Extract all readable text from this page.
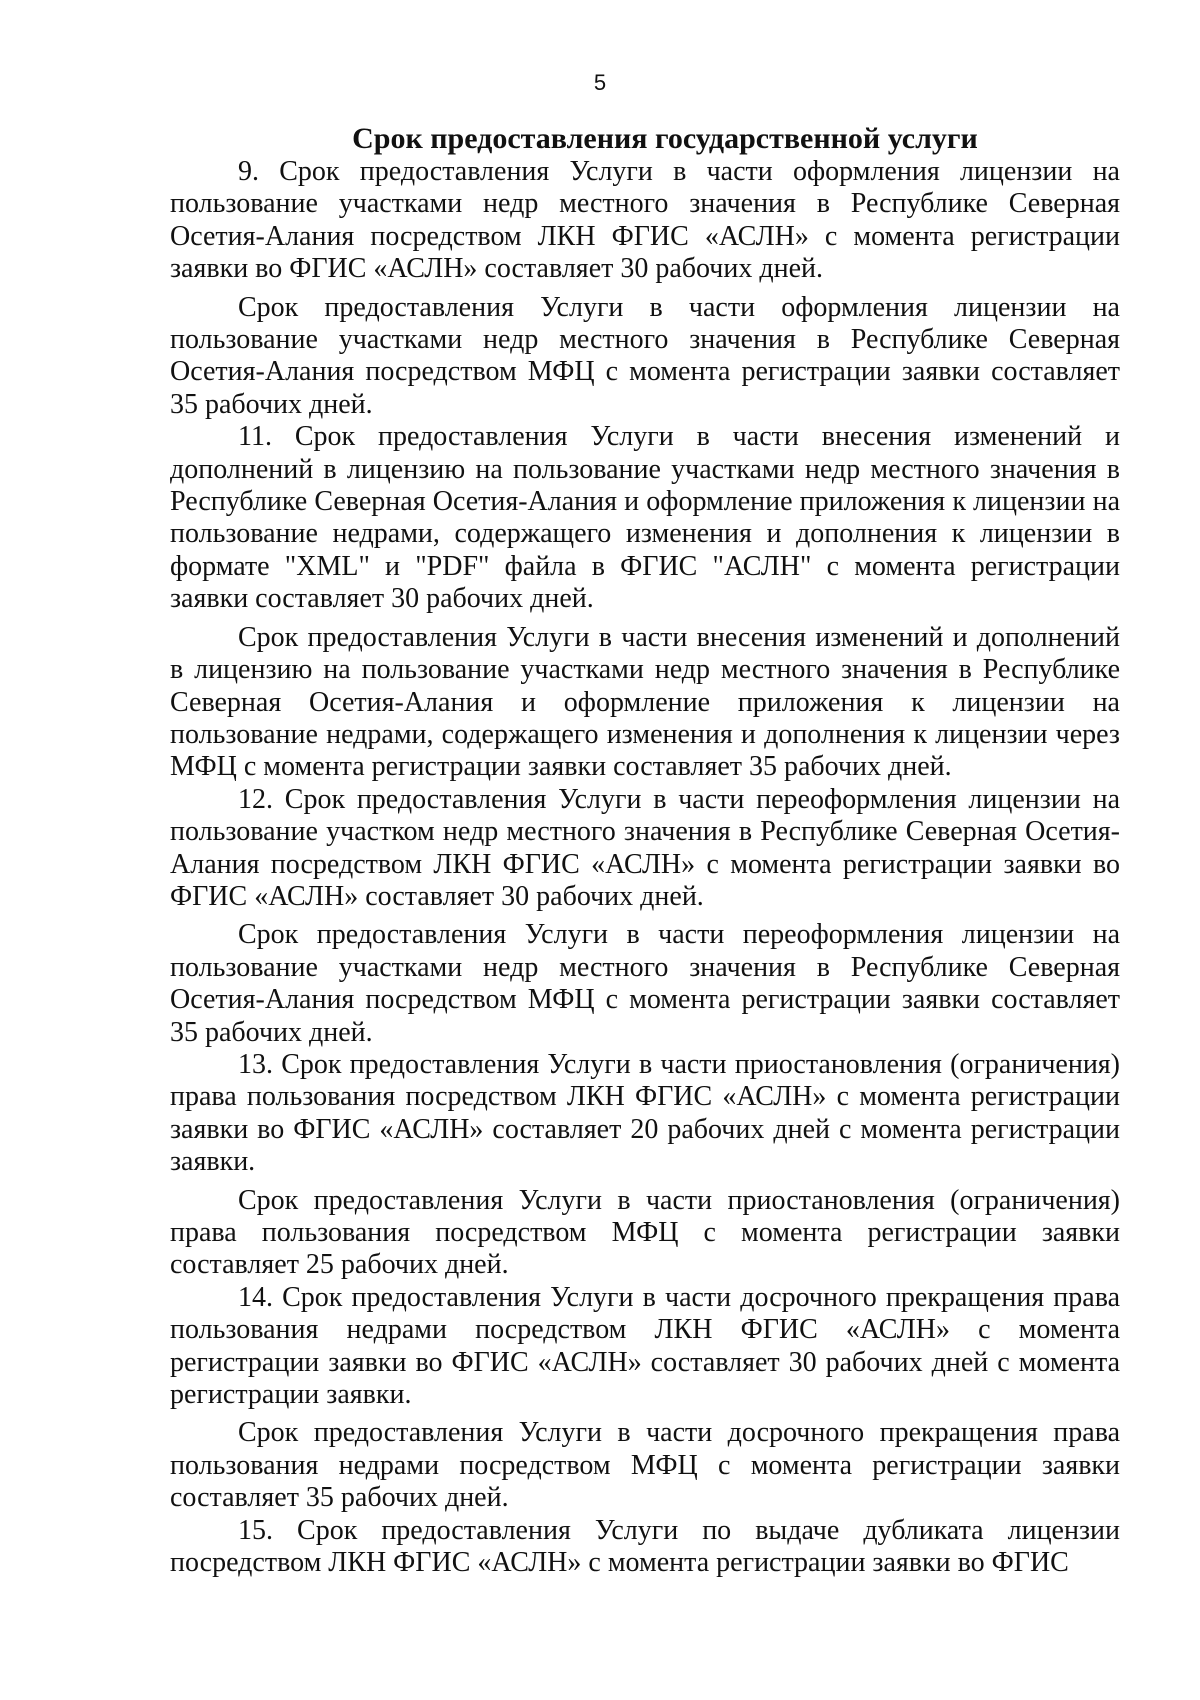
5

Срок предоставления государственной услуги

9. Срок предоставления Услуги в части оформления лицензии на пользование участками недр местного значения в Республике Северная Осетия-Алания посредством ЛКН ФГИС «АСЛН» с момента регистрации заявки во ФГИС «АСЛН» составляет 30 рабочих дней.

Срок предоставления Услуги в части оформления лицензии на пользование участками недр местного значения в Республике Северная Осетия-Алания посредством МФЦ с момента регистрации заявки составляет 35 рабочих дней.

11. Срок предоставления Услуги в части внесения изменений и дополнений в лицензию на пользование участками недр местного значения в Республике Северная Осетия-Алания и оформление приложения к лицензии на пользование недрами, содержащего изменения и дополнения к лицензии в формате "XML" и "PDF" файла в ФГИС "АСЛН" с момента регистрации заявки составляет 30 рабочих дней.

Срок предоставления Услуги в части внесения изменений и дополнений в лицензию на пользование участками недр местного значения в Республике Северная Осетия-Алания и оформление приложения к лицензии на пользование недрами, содержащего изменения и дополнения к лицензии через МФЦ с момента регистрации заявки составляет 35 рабочих дней.

12. Срок предоставления Услуги в части переоформления лицензии на пользование участком недр местного значения в Республике Северная Осетия-Алания посредством ЛКН ФГИС «АСЛН» с момента регистрации заявки во ФГИС «АСЛН» составляет 30 рабочих дней.

Срок предоставления Услуги в части переоформления лицензии на пользование участками недр местного значения в Республике Северная Осетия-Алания посредством МФЦ с момента регистрации заявки составляет 35 рабочих дней.

13. Срок предоставления Услуги в части приостановления (ограничения) права пользования посредством ЛКН ФГИС «АСЛН» с момента регистрации заявки во ФГИС «АСЛН» составляет 20 рабочих дней с момента регистрации заявки.

Срок предоставления Услуги в части приостановления (ограничения) права пользования посредством МФЦ с момента регистрации заявки составляет 25 рабочих дней.

14. Срок предоставления Услуги в части досрочного прекращения права пользования недрами посредством ЛКН ФГИС «АСЛН» с момента регистрации заявки во ФГИС «АСЛН» составляет 30 рабочих дней с момента регистрации заявки.

Срок предоставления Услуги в части досрочного прекращения права пользования недрами посредством МФЦ с момента регистрации заявки составляет 35 рабочих дней.

15. Срок предоставления Услуги по выдаче дубликата лицензии посредством ЛКН ФГИС «АСЛН» с момента регистрации заявки во ФГИС
